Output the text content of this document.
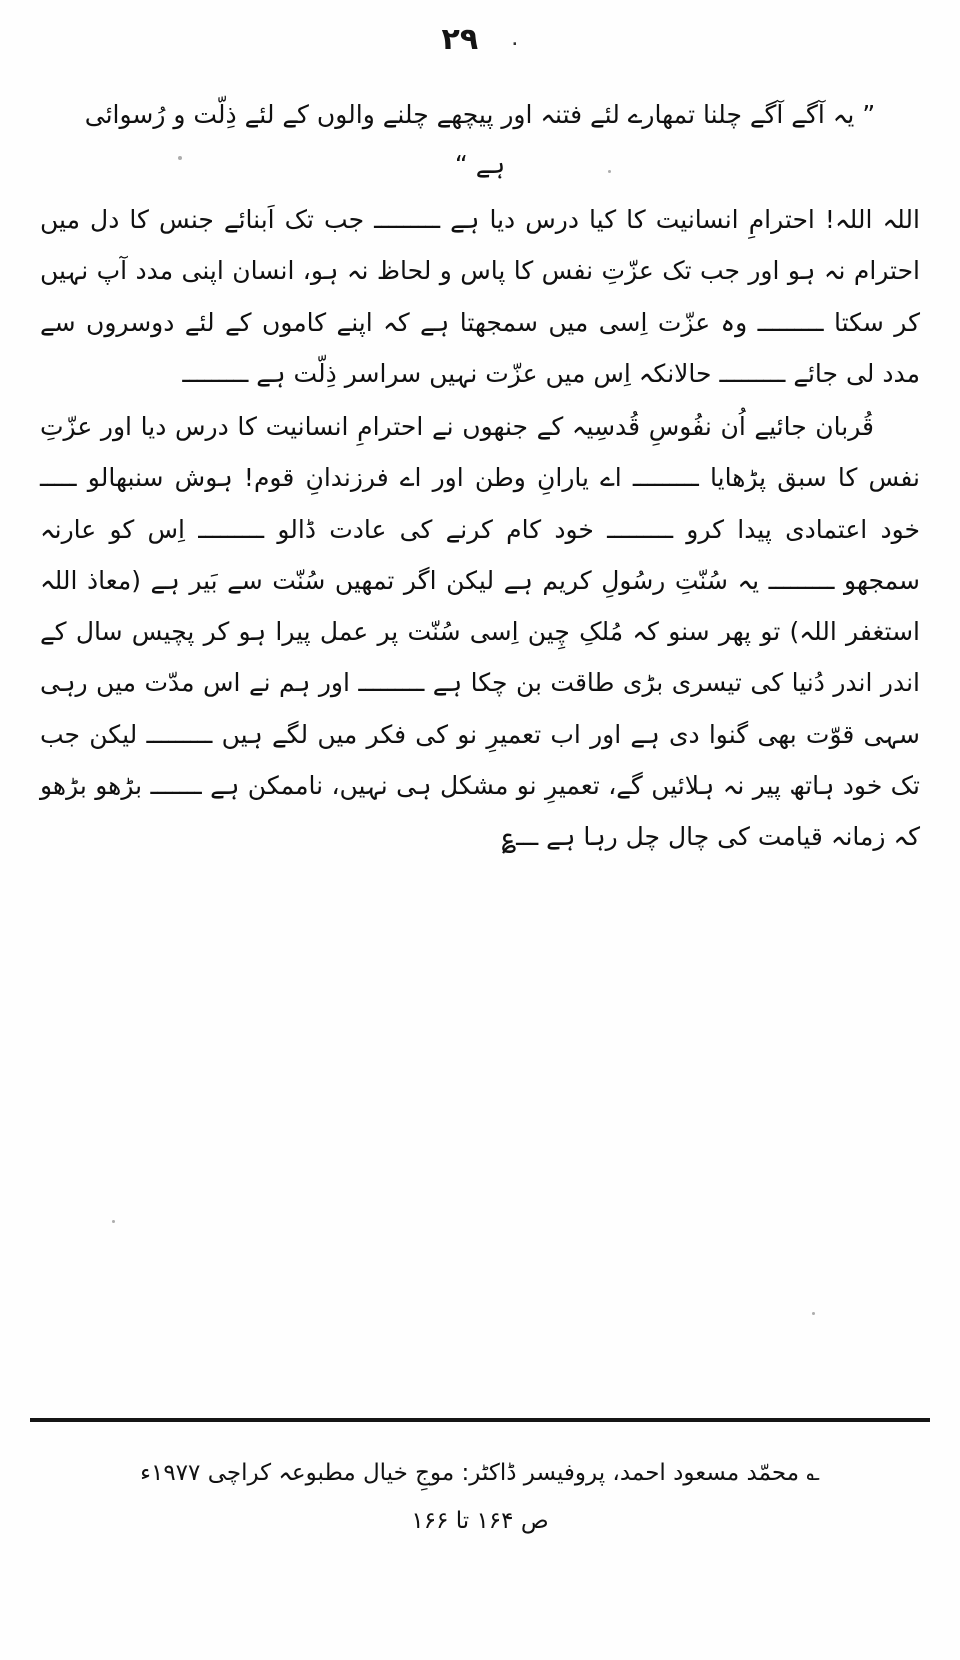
۲۹ .
” یہ آگے آگے چلنا تمھارے لئے فتنہ اور پیچھے چلنے والوں کے لئے ذِلّت و رُسوائی ہے “

اللہ اللہ! احترامِ انسانیت کا کیا درس دیا ہے ـــــــــ جب تک اَبنائے جنس کا دل میں احترام نہ ہو اور جب تک عزّتِ نفس کا پاس و لحاظ نہ ہو، انسان اپنی مدد آپ نہیں کر سکتا ـــــــــ وہ عزّت اِسی میں سمجھتا ہے کہ اپنے کاموں کے لئے دوسروں سے مدد لی جائے ـــــــــ حالانکہ اِس میں عزّت نہیں سراسر ذِلّت ہے ـــــــــ

قُربان جائیے اُن نفُوسِ قُدسِیہ کے جنھوں نے احترامِ انسانیت کا درس دیا اور عزّتِ نفس کا سبق پڑھایا ـــــــــ اے یارانِ وطن اور اے فرزندانِ قوم! ہوش سنبھالو ـــــ خود اعتمادی پیدا کرو ـــــــــ خود کام کرنے کی عادت ڈالو ـــــــــ اِس کو عارنہ سمجھو ـــــــــ یہ سُنّتِ رسُولِ کریم ہے لیکن اگر تمھیں سُنّت سے بَیر ہے (معاذ اللہ استغفر اللہ) تو پھر سنو کہ مُلکِ چِین اِسی سُنّت پر عمل پیرا ہو کر پچیس سال کے اندر اندر دُنیا کی تیسری بڑی طاقت بن چکا ہے ـــــــــ اور ہم نے اس مدّت میں رہی سہی قوّت بھی گنوا دی ہے اور اب تعمیرِ نو کی فکر میں لگے ہیں ـــــــــ لیکن جب تک خود ہاتھ پیر نہ ہلائیں گے، تعمیرِ نو مشکل ہی نہیں، ناممکن ہے ـــــــ بڑھو بڑھو کہ زمانہ قیامت کی چال چل رہا ہے ـــ؏

؎ محمّد مسعود احمد، پروفیسر ڈاکٹر: موجِ خیال مطبوعہ کراچی ۱۹۷۷ء
ص ۱۶۴ تا ۱۶۶
